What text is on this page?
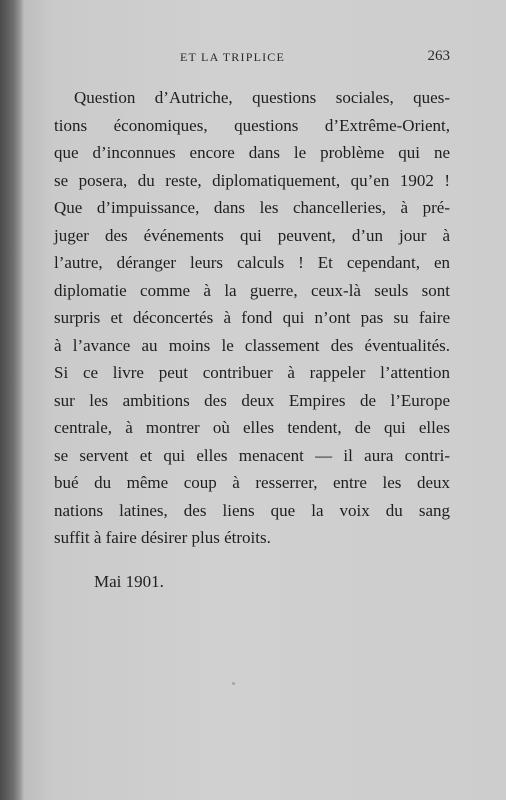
ET LA TRIPLICE	263
Question d’Autriche, questions sociales, ques-
tions économiques, questions d’Extrême-Orient,
que d’inconnues encore dans le problème qui ne
se posera, du reste, diplomatiquement, qu’en 1902 !
Que d’impuissance, dans les chancelleries, à pré-
juger des événements qui peuvent, d’un jour à
l’autre, déranger leurs calculs ! Et cependant, en
diplomatie comme à la guerre, ceux-là seuls sont
surpris et déconcertés à fond qui n’ont pas su faire
à l’avance au moins le classement des éventualités.
Si ce livre peut contribuer à rappeler l’attention
sur les ambitions des deux Empires de l’Europe
centrale, à montrer où elles tendent, de qui elles
se servent et qui elles menacent — il aura contri-
bué du même coup à resserrer, entre les deux
nations latines, des liens que la voix du sang
suffit à faire désirer plus étroits.
Mai 1901.
